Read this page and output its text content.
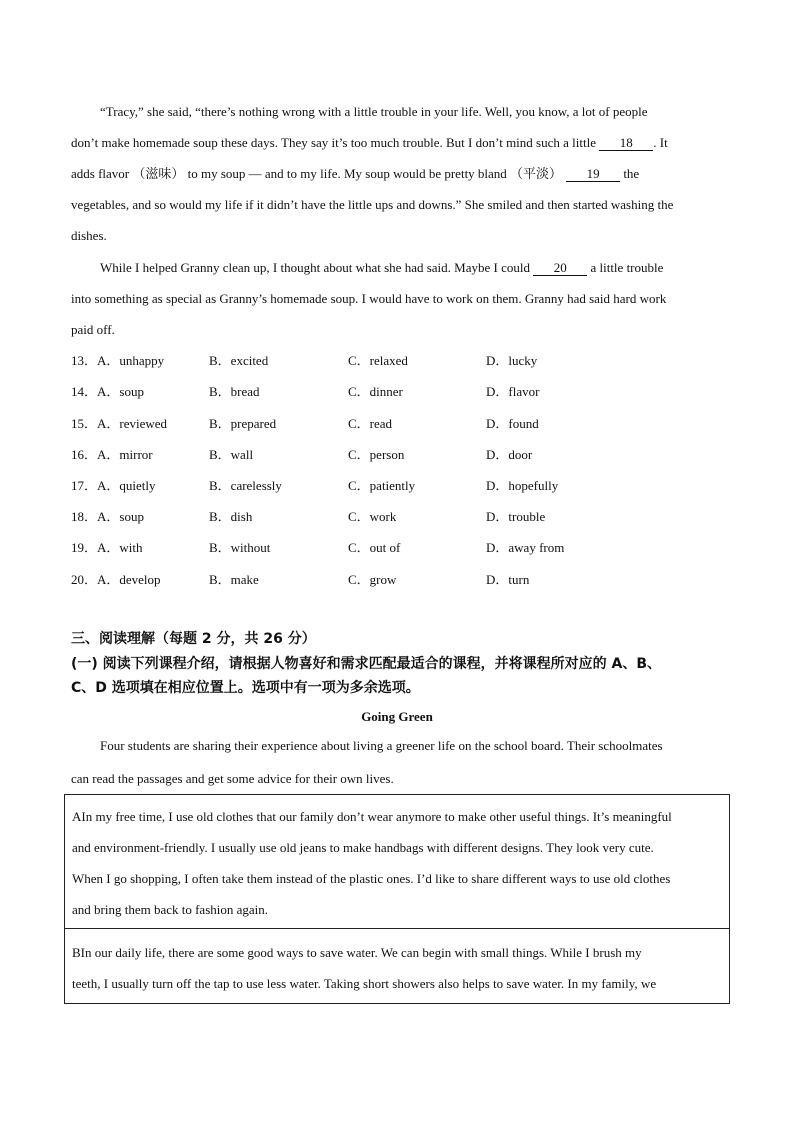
“Tracy,” she said, “there’s nothing wrong with a little trouble in your life. Well, you know, a lot of people
don’t make homemade soup these days. They say it’s too much trouble. But I don’t mind such a little 18 . It
adds flavor （滋味） to my soup — and to my life. My soup would be pretty bland （平淡） 19 the
vegetables, and so would my life if it didn’t have the little ups and downs.” She smiled and then started washing the
dishes.
While I helped Granny clean up, I thought about what she had said. Maybe I could 20 a little trouble
into something as special as Granny’s homemade soup. I would have to work on them. Granny had said hard work
paid off.
13．A．unhappy	B．excited	C．relaxed	D．lucky
14．A．soup	B．bread	C．dinner	D．flavor
15．A．reviewed	B．prepared	C．read	D．found
16．A．mirror	B．wall	C．person	D．door
17．A．quietly	B．carelessly	C．patiently	D．hopefully
18．A．soup	B．dish	C．work	D．trouble
19．A．with	B．without	C．out of	D．away from
20．A．develop	B．make	C．grow	D．turn
三、阅读理解（每题 2 分，共 26 分）
(一) 阅读下列课程介绍，请根据人物喜好和需求匹配最适合的课程，并将课程所对应的 A、B、
C、D 选项填在相应位置上。选项中有一项为多余选项。
Going Green
Four students are sharing their experience about living a greener life on the school board. Their schoolmates
can read the passages and get some advice for their own lives.
AIn my free time, I use old clothes that our family don’t wear anymore to make other useful things. It’s meaningful
and environment-friendly. I usually use old jeans to make handbags with different designs. They look very cute.
When I go shopping, I often take them instead of the plastic ones. I’d like to share different ways to use old clothes
and bring them back to fashion again.
BIn our daily life, there are some good ways to save water. We can begin with small things. While I brush my
teeth, I usually turn off the tap to use less water. Taking short showers also helps to save water. In my family, we
